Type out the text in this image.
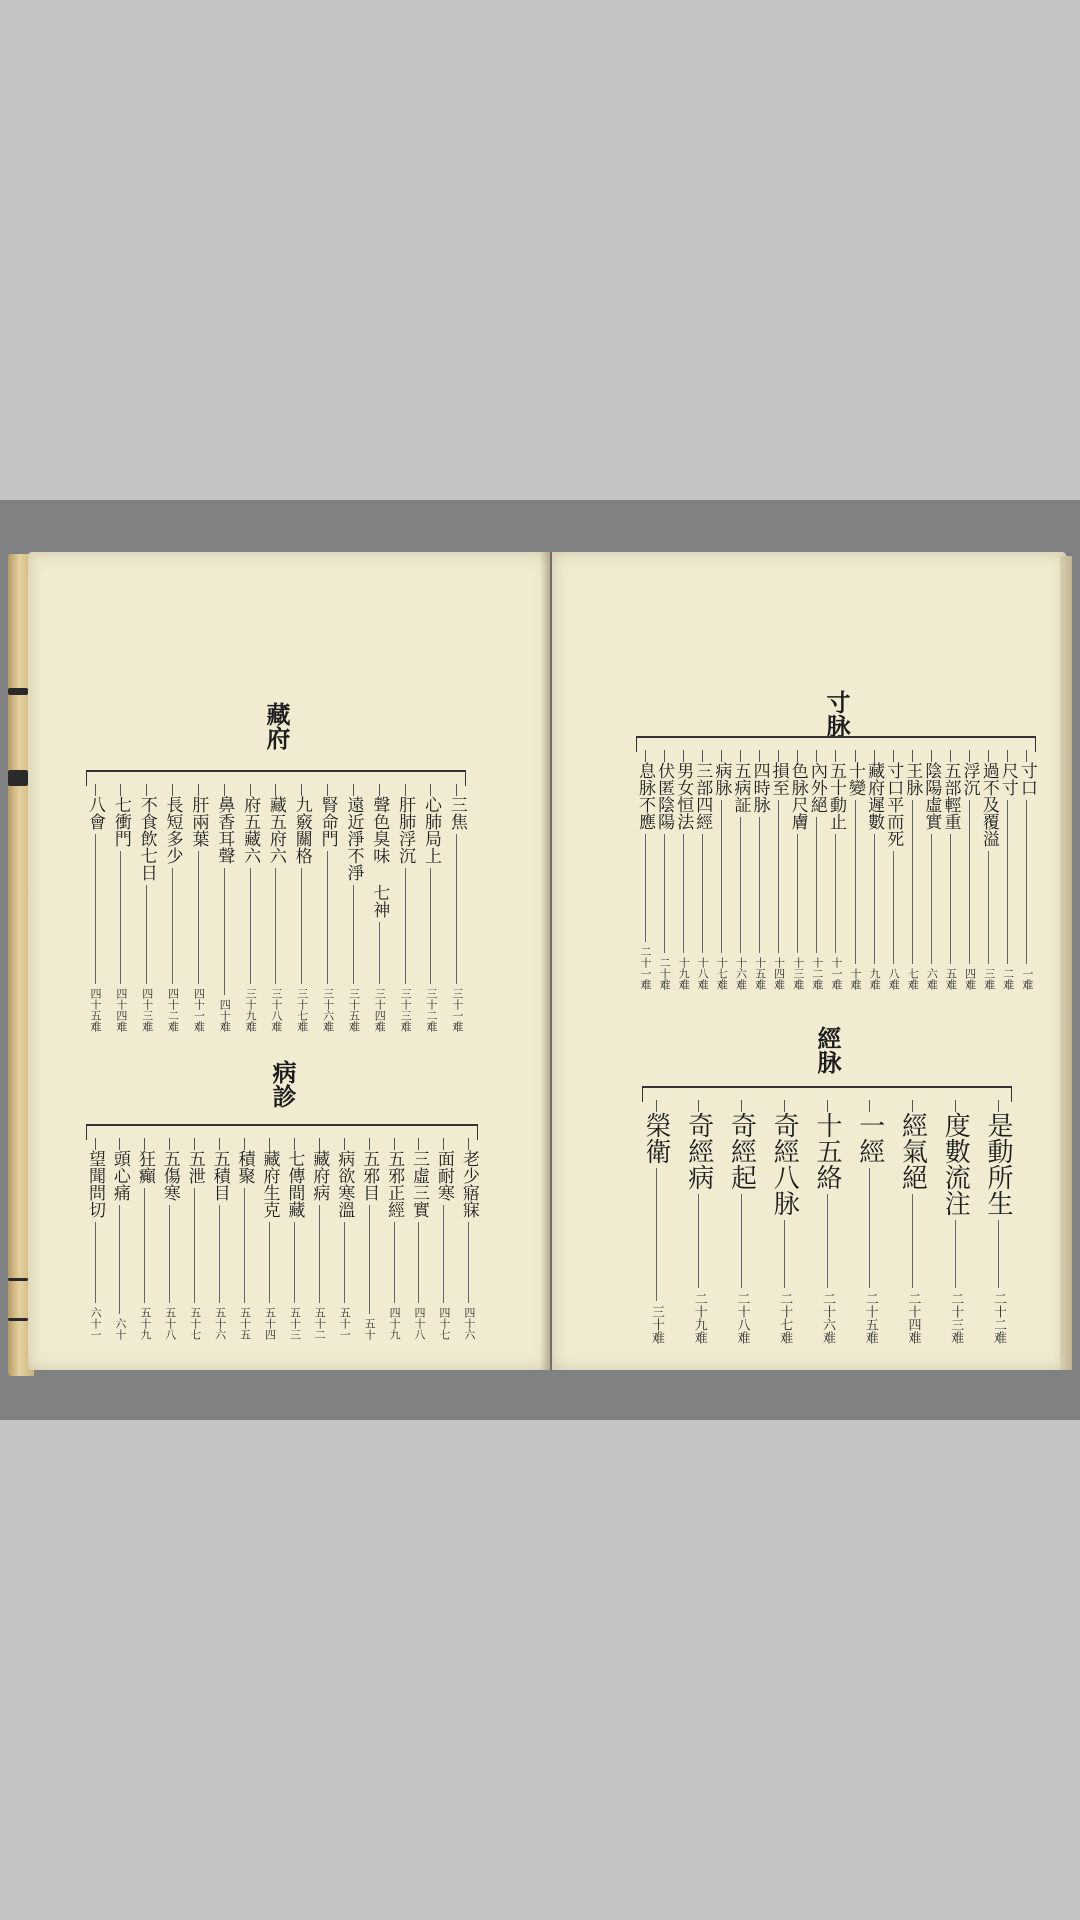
藏府
三焦
三十一难
心肺局上
三十二难
肝肺浮沉
三十三难
聲色臭味 七神
三十四难
遠近淨不淨
三十五难
腎命門
三十六难
九竅關格
三十七难
藏五府六
三十八难
府五藏六
三十九难
鼻香耳聲
四十难
肝兩葉
四十一难
長短多少
四十二难
不食飲七日
四十三难
七衝門
四十四难
八會
四十五难
病診
老少寤寐
四十六
面耐寒
四十七
三虛三實
四十八
五邪正經
四十九
五邪目
五十
病欲寒溫
五十一
藏府病
五十二
七傳間藏
五十三
藏府生克
五十四
積聚
五十五
五積目
五十六
五泄
五十七
五傷寒
五十八
狂癲
五十九
頭心痛
六十
望聞問切
六十一
寸脉
寸口
一难
尺寸
二难
過不及覆溢
三难
浮沉
四难
五部輕重
五难
陰陽虛實
六难
王脉
七难
寸口平而死
八难
藏府遲數
九难
十變
十难
五十動止
十一难
內外絕
十二难
色脉尺膚
十三难
損至
十四难
四時脉
十五难
五病証
十六难
病脉
十七难
三部四經
十八难
男女恒法
十九难
伏匿陰陽
二十难
息脉不應
二十一难
經脉
是動所生
二十二难
度數流注
二十三难
經氣絕
二十四难
一經
二十五难
十五絡
二十六难
奇經八脉
二十七难
奇經起
二十八难
奇經病
二十九难
榮衛
三十难
